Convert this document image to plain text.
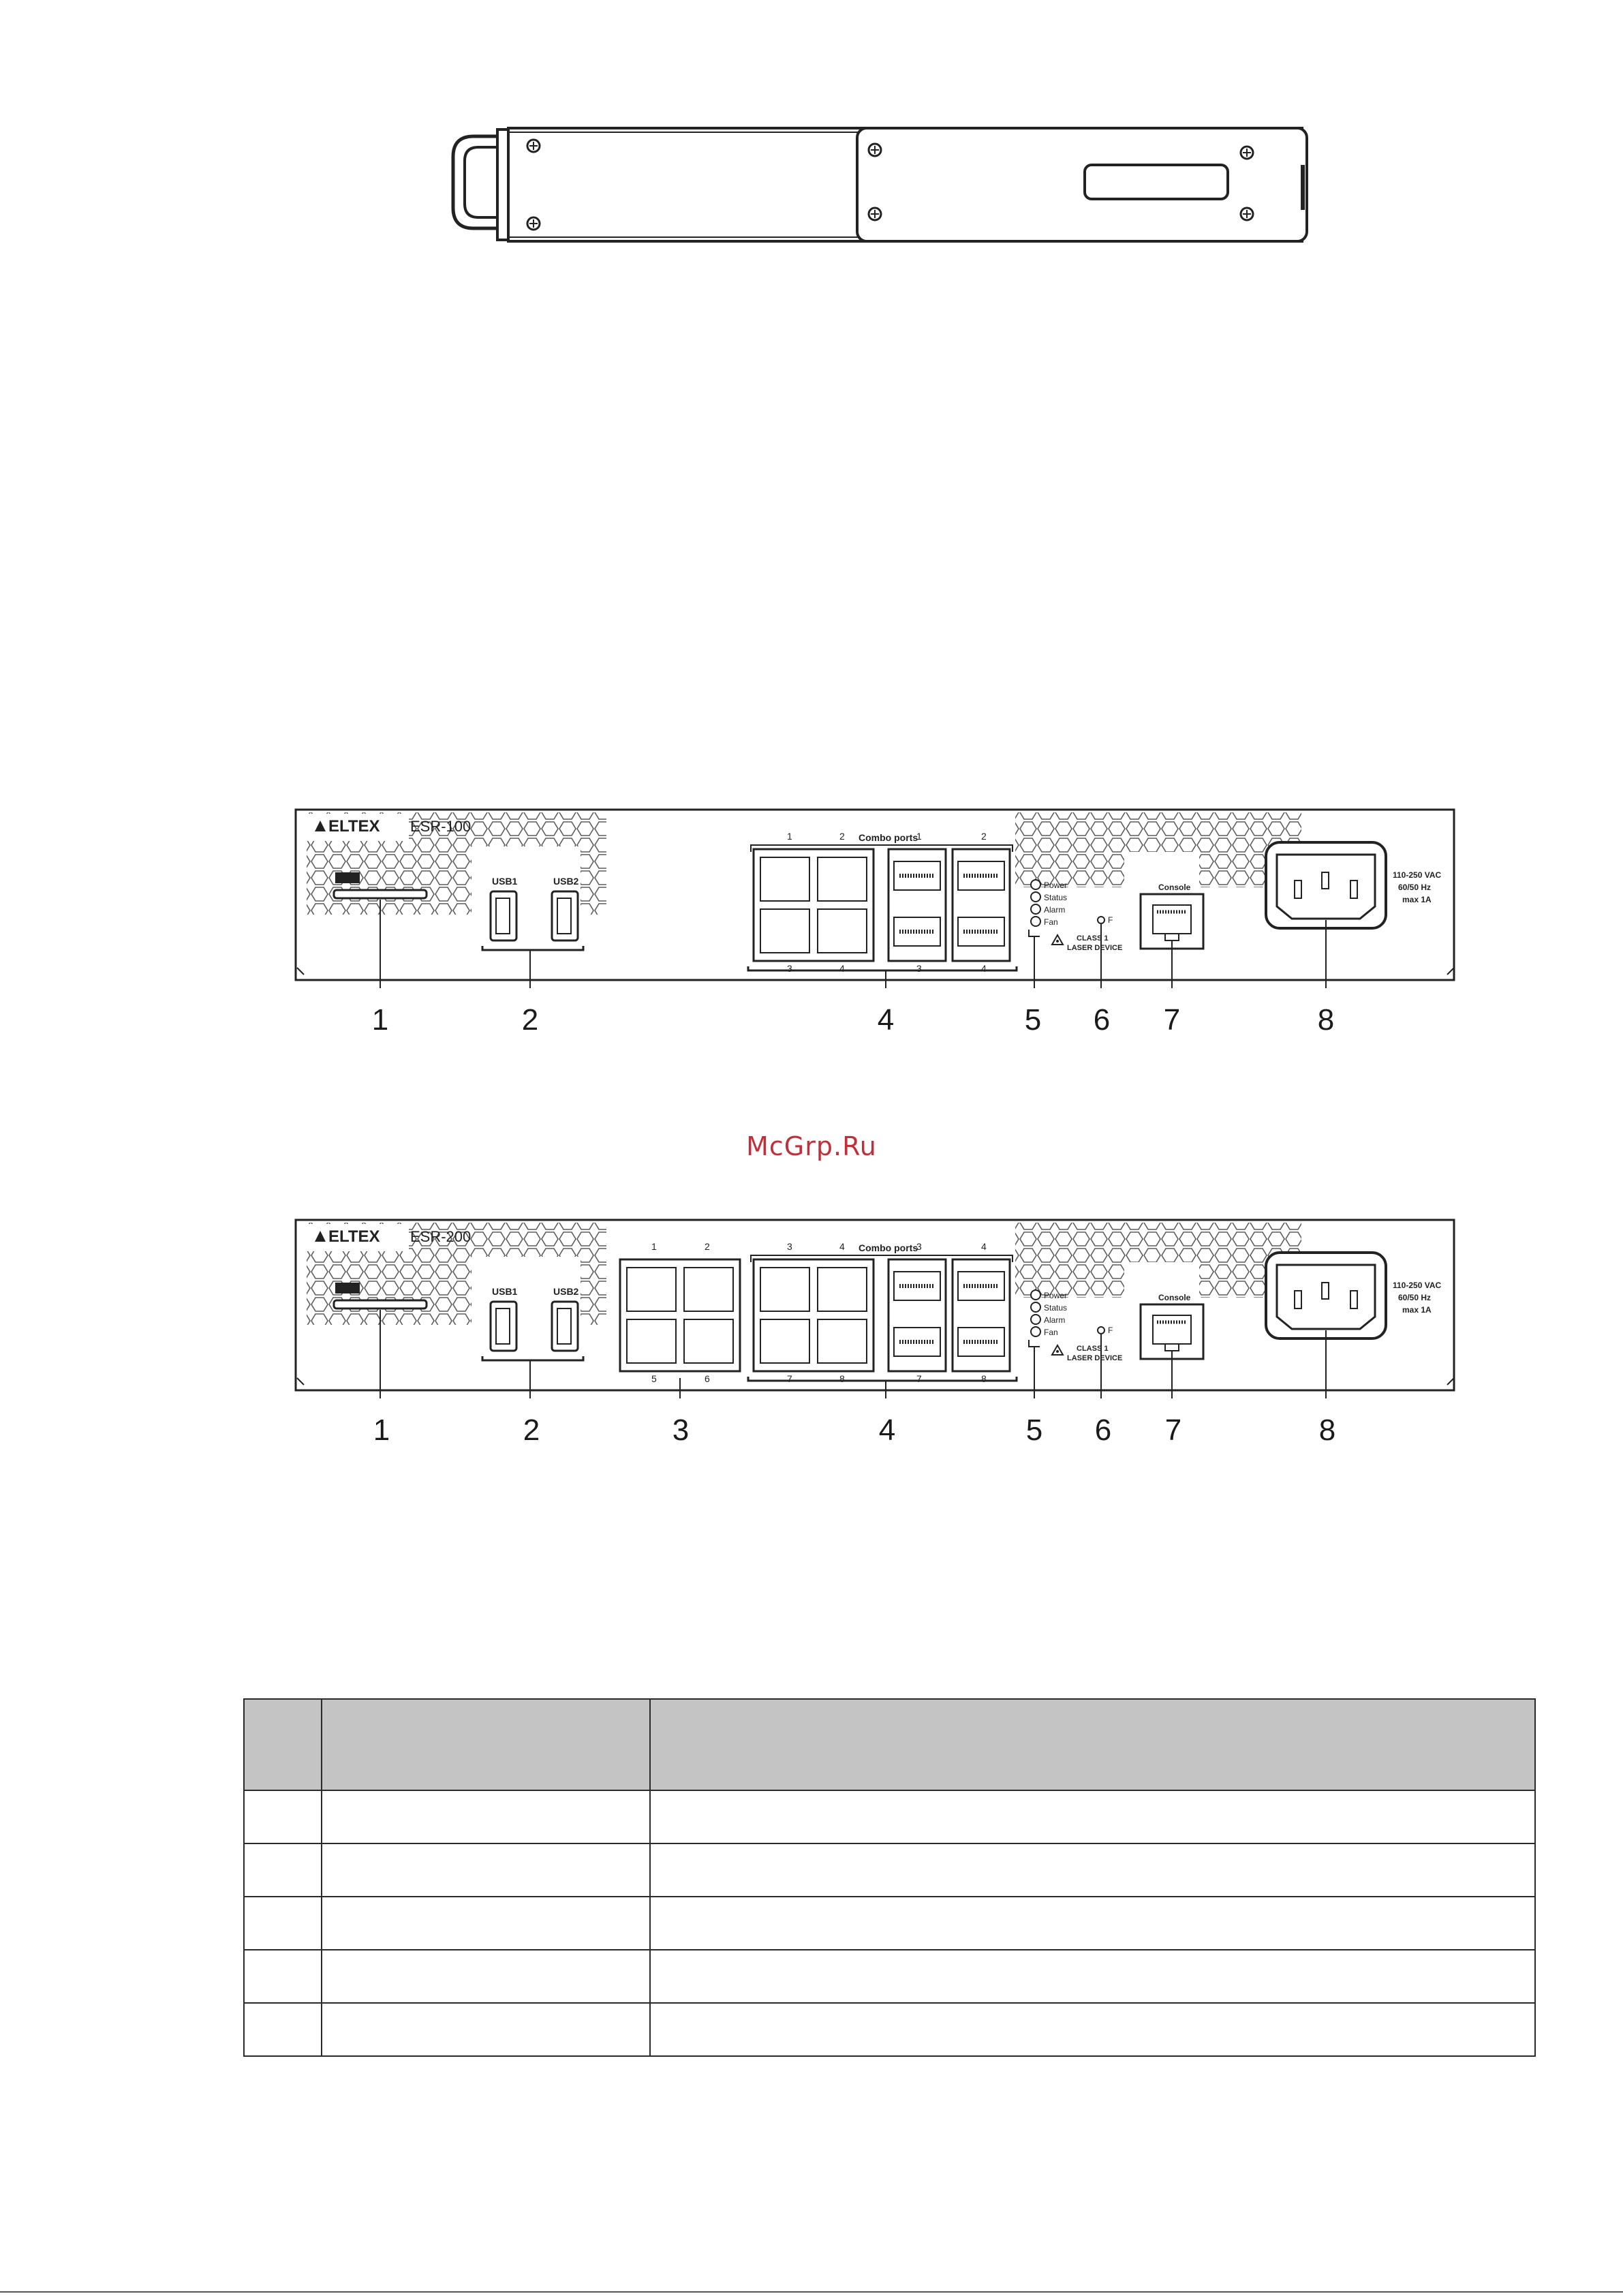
ELTEX ESR-100
USB1	USB2
Combo ports
1	2	1	2
3	4	3	4
Power
Status
Alarm
Fan
CLASS 1
LASER DEVICE
F
Console
110-250 VAC
60/50 Hz
max 1A
1	2	4	5 6 7	8
McGrp.Ru
ELTEX ESR-200
USB1	USB2
1	2
5	6
Combo ports
3	4	3	4
7	8	7	8
Power
Status
Alarm
Fan
CLASS 1
LASER DEVICE
F
Console
110-250 VAC
60/50 Hz
max 1A
1	2	3	4	5 6 7	8
